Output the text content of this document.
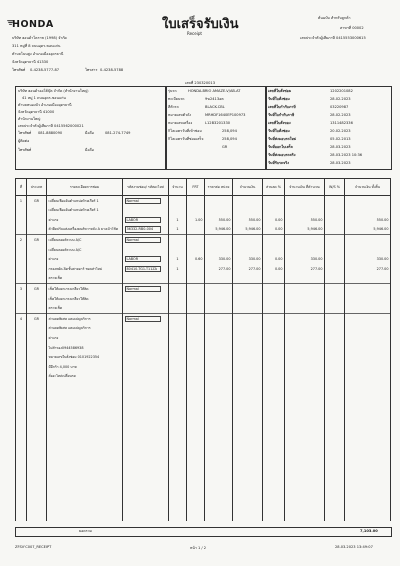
HONDA	ใบเสร็จรับเงิน
Receipt
ต้นฉบับ สำหรับลูกค้า
สาขาที่ 00002
เลขประจำตัวผู้เสียภาษี 0415553000615
บริษัท ฮอนด้าโคราช (1998) จำกัด
311 หมู่ที่ 8 ถนนอุดร-ขอนแก่น
ตำบลโนนสูง อำเภอเมืองอุดรธานี
จังหวัดอุดรธานี 41330
โทรศัพท์ 0-4238-5777-87	โทรสาร 0-4238-5788
เลขที่ 230320013
บริษัท ฮอนด้าออโต้บุ๊ค จำกัด (สำนักงานใหญ่)
41 หมู่ 1 ถนนอุดร-ขอนแก่น
ตำบลหนองบัว อำเภอเมืองอุดรธานี
จังหวัดอุดรธานี 41000
สำนักงานใหญ่
เลขประจำตัวผู้เสียภาษี 0415562000021
โทรศัพท์ 081-8880090	มือถือ	081-274-7749
ผู้ติดต่อ
โทรศัพท์	มือถือ
รุ่นรถ	HONDA-BRIO AMAZE-V/AB-AT
ทะเบียนรถ	9ฆ2413อต
สีตัวรถ	BLACK-CBL
หมายเลขตัวถัง	MRHDF1640EP100973
หมายเลขเครื่อง	L12B3201330
กิโลเมตรวันที่เข้าซ่อม	258,094
กิโลเมตรวันที่ซ่อมเสร็จ	258,094
GR
เลขที่ใบสั่งซ่อม	1202201082
วันที่ใบสั่งซ่อม	28.02.2023
เลขที่ใบกำกับภาษี	03220987
วันที่ใบกำกับภาษี	28.02.2023
เลขที่ใบสั่งของ	1311482336
วันที่ใบสั่งซ่อม	20.02.2023
วันที่ส่งมอบรถใหม่	05.02.2013
วันที่ออกใบเสร็จ	28.03.2023
วันที่ส่งมอบรถจริง	28.03.2023 10:36
วันที่รับรถจริง	28.03.2023
ที่	ประเภท	รายละเอียดการซ่อม	รหัสงานซ่อม/ รหัสอะไหล่	จำนวน	FRT	ราคาต่อ หน่วย	จำนวนเงิน	ส่วนลด %	จำนวนเงิน ที่คำนวณ	W/S %	จำนวนเงิน ทั้งสิ้น
1	GR	เปลี่ยนเฟืองอ้นตำแหน่งท้ายเกียร์ 1	Normal								
		เปลี่ยนเฟืองอ้นตำแหน่งท้ายเกียร์ 1									
		ค่าแรง	LABOR	1	1.00	550.00	550.00	0.00	550.00		550.00
		ตัวยึดปรับแต่งเครื่องยนต์ขวาหลัง A ยางเบ้าโช้ค	36332-RB0-004	1		5,946.00	5,946.00	0.00	5,946.00		5,946.00
2	GR	เปลี่ยนคอยล์ระบบ A/C	Normal								
		เปลี่ยนคอยล์ระบบ A/C									
		ค่าแรง	LABOR	1	0.60	330.00	330.00	0.00	330.00		330.00
		กรองหยัด-ปิดชั้นสายอาร์ ชอบส่าไหม่	80410-TG1-T11ZA	1		277.00	277.00	0.00	277.00		277.00
		ตรวจเช็ค									
3	GR	เช็คให้แยกเกรงเกลียวให้ติด	Normal								
		เช็คให้แยกเกรงเกลียวให้ติด									
		ตรวจเช็ค									
4	GR	ส่วนลดพิเศษ แคมเปญบริการ	Normal								
		ส่วนลดพิเศษ แคมเปญบริการ									
		ค่าแรง									
		ไม่สำรอง0944586938									
		หมายเลขใบสั่งซ่อม 0101922354									
		มีอีกร้า 4,000 บาท									
		สั่งอะไหล่เปลี่ยนรด									

ยอดรวม	7,103.00
ZFSV'C007_RECEIPT	หน้า 1 / 2	28.03.2023 13:49:07
